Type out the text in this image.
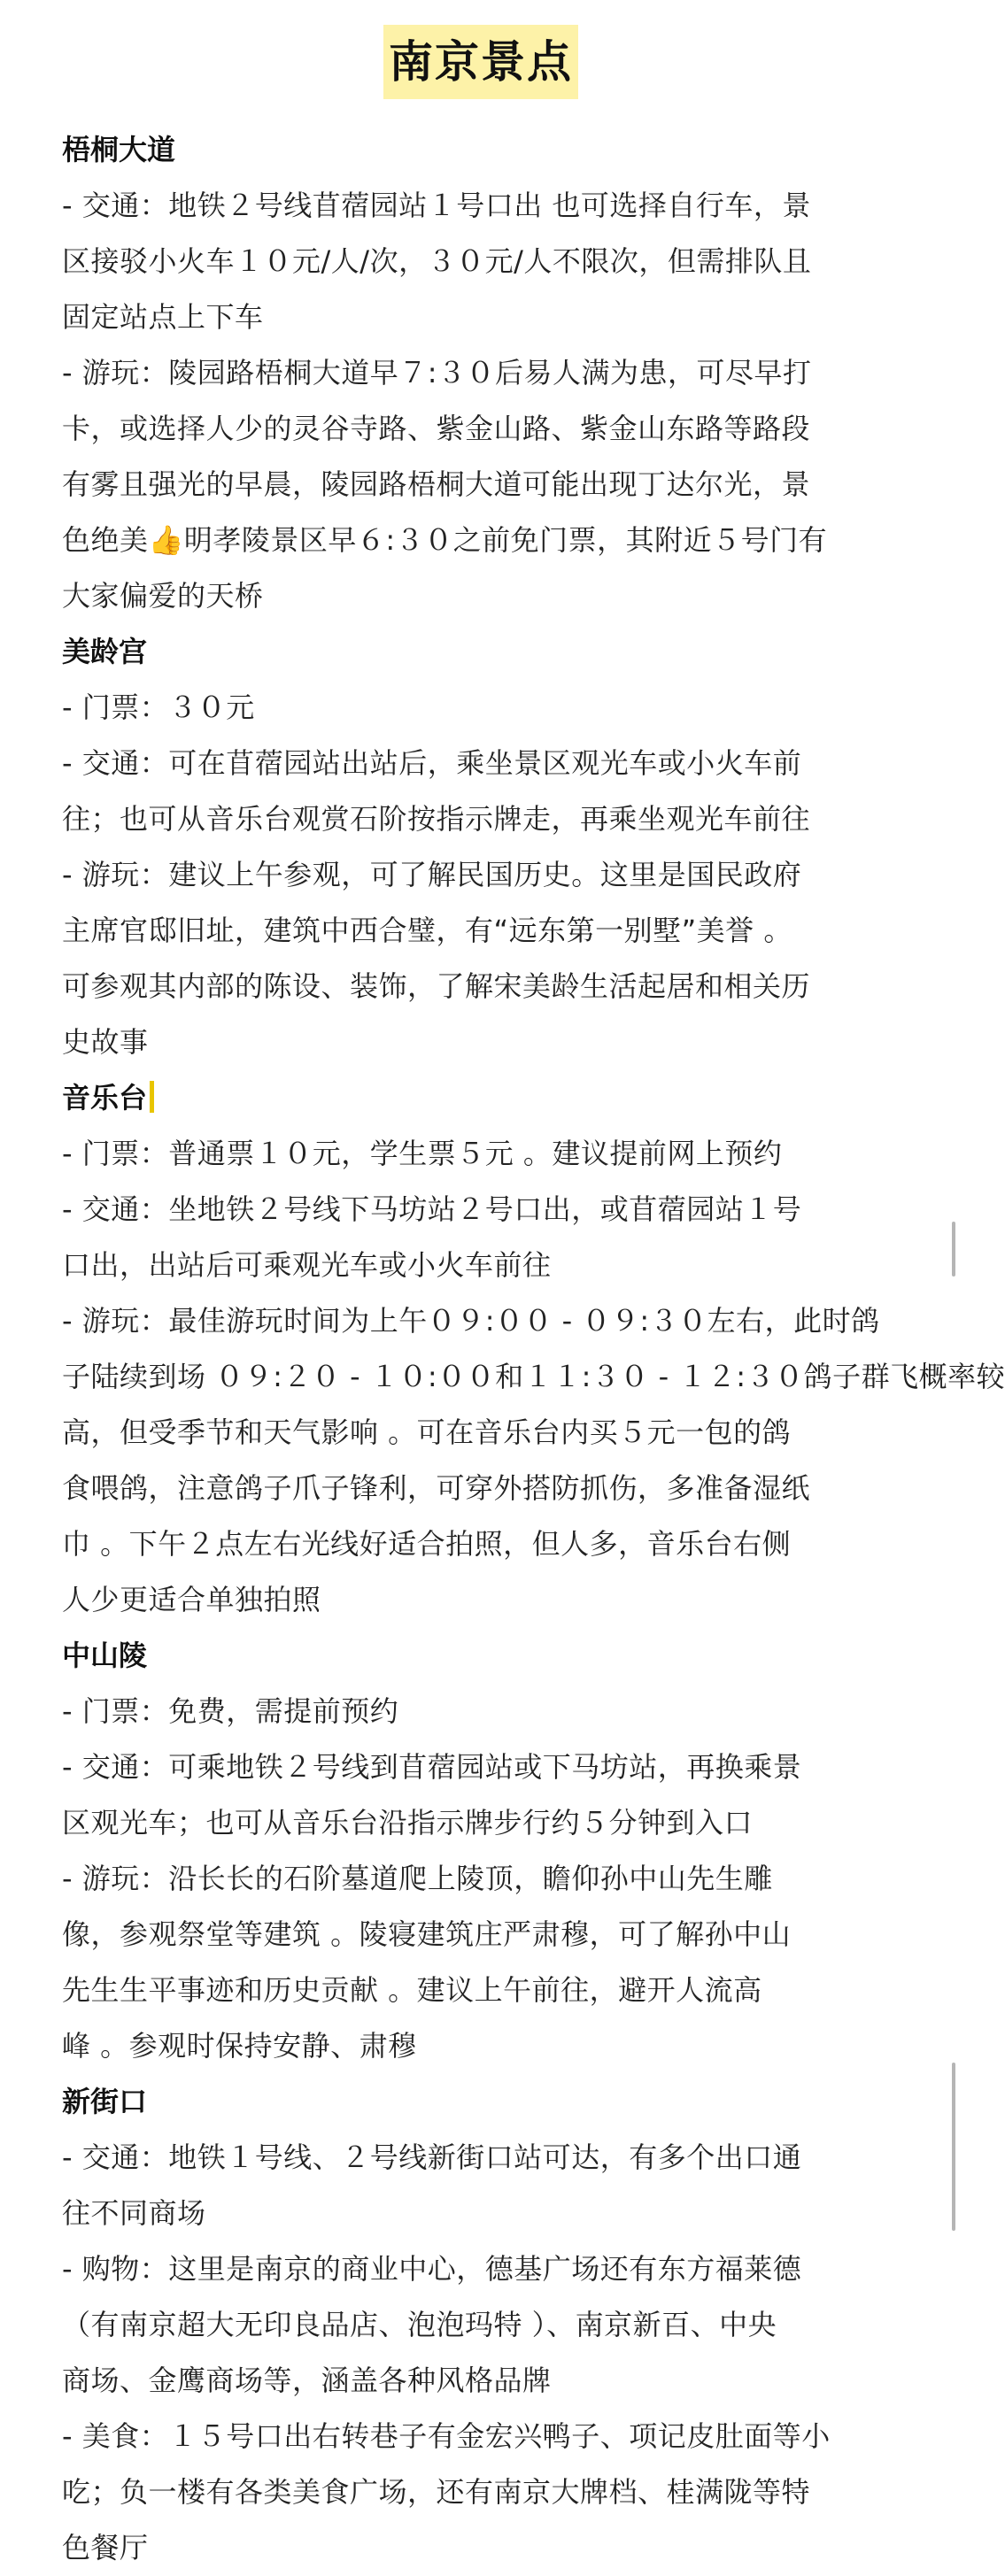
南京景点
梧桐大道
- 交通：地铁２号线苜蓿园站１号口出 也可选择自行车，景
区接驳小火车１０元/人/次，３０元/人不限次，但需排队且
固定站点上下车
- 游玩：陵园路梧桐大道早７:３０后易人满为患，可尽早打
卡，或选择人少的灵谷寺路、紫金山路、紫金山东路等路段
有雾且强光的早晨，陵园路梧桐大道可能出现丁达尔光，景
色绝美👍明孝陵景区早６:３０之前免门票，其附近５号门有
大家偏爱的天桥
美龄宫
- 门票：３０元
- 交通：可在苜蓿园站出站后，乘坐景区观光车或小火车前
往；也可从音乐台观赏石阶按指示牌走，再乘坐观光车前往
- 游玩：建议上午参观，可了解民国历史。这里是国民政府
主席官邸旧址，建筑中西合璧，有“远东第一别墅”美誉 。
可参观其内部的陈设、装饰，了解宋美龄生活起居和相关历
史故事
音乐台
- 门票：普通票１０元，学生票５元 。建议提前网上预约
- 交通：坐地铁２号线下马坊站２号口出，或苜蓿园站１号
口出，出站后可乘观光车或小火车前往
- 游玩：最佳游玩时间为上午０９:００ - ０９:３０左右，此时鸽
子陆续到场 ０９:２０ - １０:００和１１:３０ - １２:３０鸽子群飞概率较
高，但受季节和天气影响 。可在音乐台内买５元一包的鸽
食喂鸽，注意鸽子爪子锋利，可穿外搭防抓伤，多准备湿纸
巾 。下午２点左右光线好适合拍照，但人多，音乐台右侧
人少更适合单独拍照
中山陵
- 门票：免费，需提前预约
- 交通：可乘地铁２号线到苜蓿园站或下马坊站，再换乘景
区观光车；也可从音乐台沿指示牌步行约５分钟到入口
- 游玩：沿长长的石阶墓道爬上陵顶，瞻仰孙中山先生雕
像，参观祭堂等建筑 。陵寝建筑庄严肃穆，可了解孙中山
先生生平事迹和历史贡献 。建议上午前往，避开人流高
峰 。参观时保持安静、肃穆
新街口
- 交通：地铁１号线、２号线新街口站可达，有多个出口通
往不同商场
- 购物：这里是南京的商业中心，德基广场还有东方福莱德
（有南京超大无印良品店、泡泡玛特 ）、南京新百、中央
商场、金鹰商场等，涵盖各种风格品牌
- 美食：１５号口出右转巷子有金宏兴鸭子、项记皮肚面等小
吃；负一楼有各类美食广场，还有南京大牌档、桂满陇等特
色餐厅
